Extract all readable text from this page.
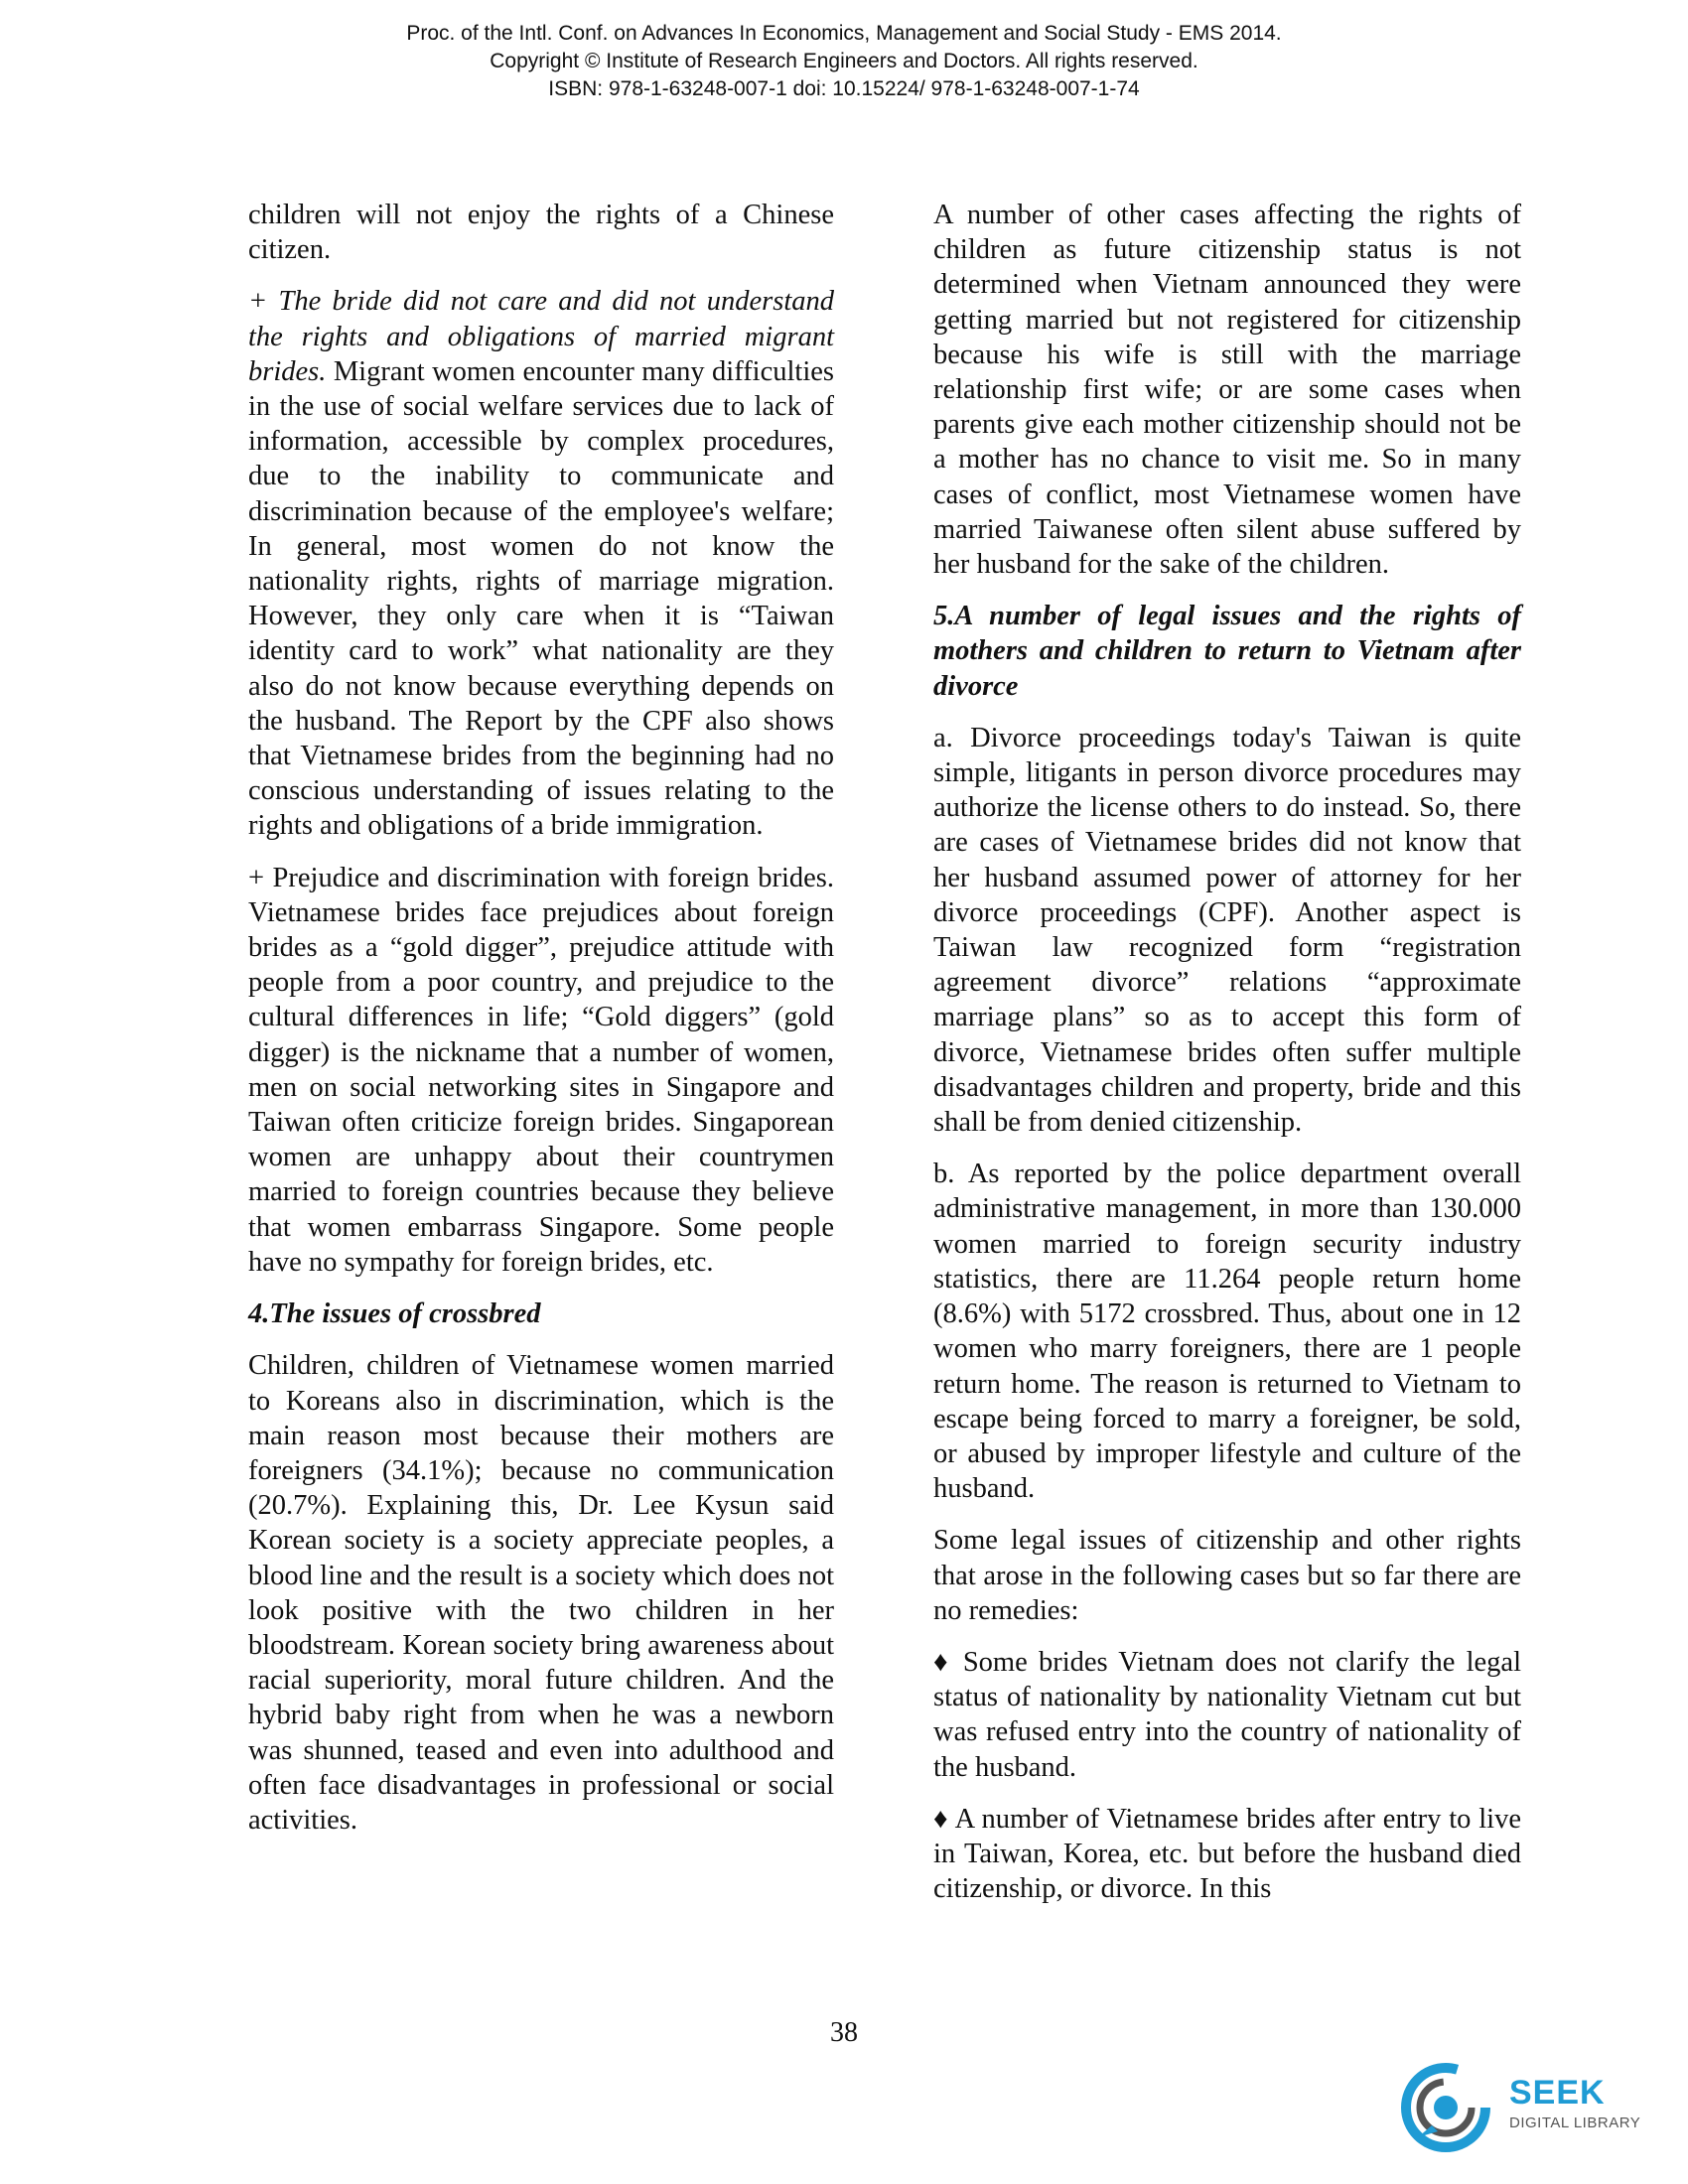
Proc. of the Intl. Conf. on Advances In Economics, Management and Social Study - EMS 2014.
Copyright © Institute of Research Engineers and Doctors. All rights reserved.
ISBN: 978-1-63248-007-1 doi: 10.15224/ 978-1-63248-007-1-74

children will not enjoy the rights of a Chinese citizen.

+ The bride did not care and did not understand the rights and obligations of married migrant brides. Migrant women encounter many difficulties in the use of social welfare services due to lack of information, accessible by complex procedures, due to the inability to communicate and discrimination because of the employee's welfare; In general, most women do not know the nationality rights, rights of marriage migration. However, they only care when it is “Taiwan identity card to work” what nationality are they also do not know because everything depends on the husband. The Report by the CPF also shows that Vietnamese brides from the beginning had no conscious understanding of issues relating to the rights and obligations of a bride immigration.

+ Prejudice and discrimination with foreign brides. Vietnamese brides face prejudices about foreign brides as a “gold digger”, prejudice attitude with people from a poor country, and prejudice to the cultural differences in life; “Gold diggers” (gold digger) is the nickname that a number of women, men on social networking sites in Singapore and Taiwan often criticize foreign brides. Singaporean women are unhappy about their countrymen married to foreign countries because they believe that women embarrass Singapore. Some people have no sympathy for foreign brides, etc.

4.The issues of crossbred

Children, children of Vietnamese women married to Koreans also in discrimination, which is the main reason most because their mothers are foreigners (34.1%); because no communication (20.7%). Explaining this, Dr. Lee Kysun said Korean society is a society appreciate peoples, a blood line and the result is a society which does not look positive with the two children in her bloodstream. Korean society bring awareness about racial superiority, moral future children. And the hybrid baby right from when he was a newborn was shunned, teased and even into adulthood and often face disadvantages in professional or social activities.

A number of other cases affecting the rights of children as future citizenship status is not determined when Vietnam announced they were getting married but not registered for citizenship because his wife is still with the marriage relationship first wife; or are some cases when parents give each mother citizenship should not be a mother has no chance to visit me. So in many cases of conflict, most Vietnamese women have married Taiwanese often silent abuse suffered by her husband for the sake of the children.

5.A number of legal issues and the rights of mothers and children to return to Vietnam after divorce

a. Divorce proceedings today's Taiwan is quite simple, litigants in person divorce procedures may authorize the license others to do instead. So, there are cases of Vietnamese brides did not know that her husband assumed power of attorney for her divorce proceedings (CPF). Another aspect is Taiwan law recognized form “registration agreement divorce” relations “approximate marriage plans” so as to accept this form of divorce, Vietnamese brides often suffer multiple disadvantages children and property, bride and this shall be from denied citizenship.

b. As reported by the police department overall administrative management, in more than 130.000 women married to foreign security industry statistics, there are 11.264 people return home (8.6%) with 5172 crossbred. Thus, about one in 12 women who marry foreigners, there are 1 people return home. The reason is returned to Vietnam to escape being forced to marry a foreigner, be sold, or abused by improper lifestyle and culture of the husband.

Some legal issues of citizenship and other rights that arose in the following cases but so far there are no remedies:

♦ Some brides Vietnam does not clarify the legal status of nationality by nationality Vietnam cut but was refused entry into the country of nationality of the husband.

♦ A number of Vietnamese brides after entry to live in Taiwan, Korea, etc. but before the husband died citizenship, or divorce. In this

38
SEEK
DIGITAL LIBRARY
